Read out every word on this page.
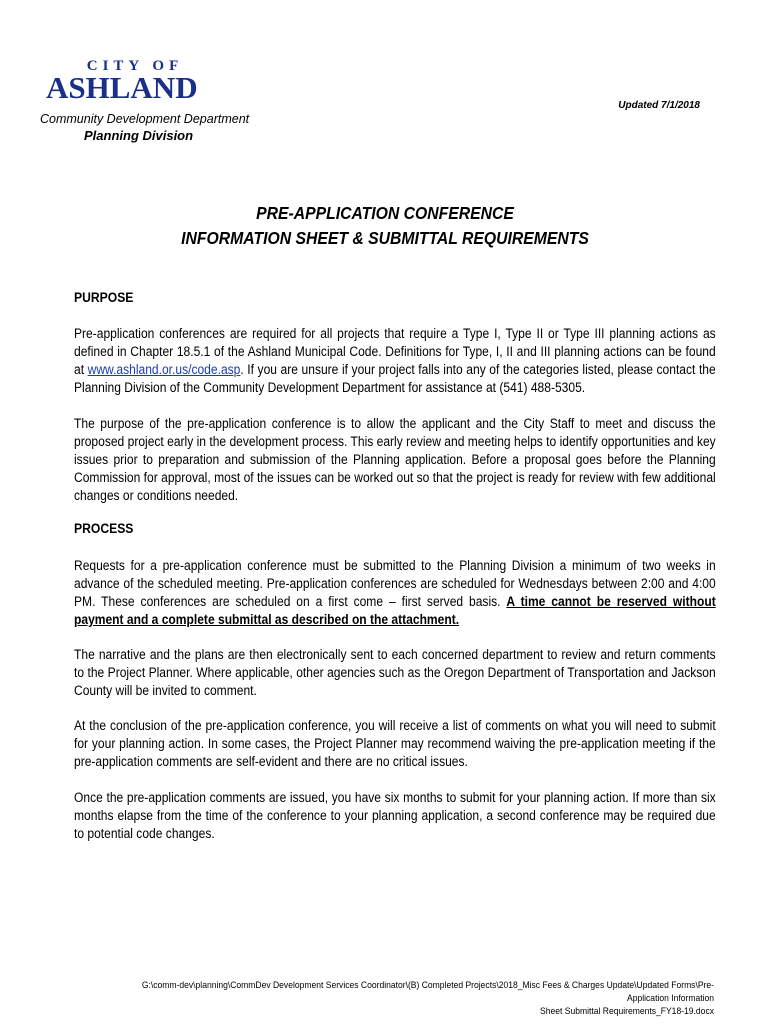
CITY OF
ASHLAND
Community Development Department
Planning Division
Updated 7/1/2018
PRE-APPLICATION CONFERENCE
INFORMATION SHEET & SUBMITTAL REQUIREMENTS
PURPOSE
Pre-application conferences are required for all projects that require a Type I, Type II or Type III planning actions as defined in Chapter 18.5.1 of the Ashland Municipal Code. Definitions for Type, I, II and III planning actions can be found at www.ashland.or.us/code.asp. If you are unsure if your project falls into any of the categories listed, please contact the Planning Division of the Community Development Department for assistance at (541) 488-5305.
The purpose of the pre-application conference is to allow the applicant and the City Staff to meet and discuss the proposed project early in the development process. This early review and meeting helps to identify opportunities and key issues prior to preparation and submission of the Planning application. Before a proposal goes before the Planning Commission for approval, most of the issues can be worked out so that the project is ready for review with few additional changes or conditions needed.
PROCESS
Requests for a pre-application conference must be submitted to the Planning Division a minimum of two weeks in advance of the scheduled meeting. Pre-application conferences are scheduled for Wednesdays between 2:00 and 4:00 PM. These conferences are scheduled on a first come – first served basis. A time cannot be reserved without payment and a complete submittal as described on the attachment.
The narrative and the plans are then electronically sent to each concerned department to review and return comments to the Project Planner. Where applicable, other agencies such as the Oregon Department of Transportation and Jackson County will be invited to comment.
At the conclusion of the pre-application conference, you will receive a list of comments on what you will need to submit for your planning action. In some cases, the Project Planner may recommend waiving the pre-application meeting if the pre-application comments are self-evident and there are no critical issues.
Once the pre-application comments are issued, you have six months to submit for your planning action. If more than six months elapse from the time of the conference to your planning application, a second conference may be required due to potential code changes.
G:\comm-dev\planning\CommDev Development Services Coordinator\(B) Completed Projects\2018_Misc Fees & Charges Update\Updated Forms\Pre-Application Information
Sheet Submittal Requirements_FY18-19.docx
